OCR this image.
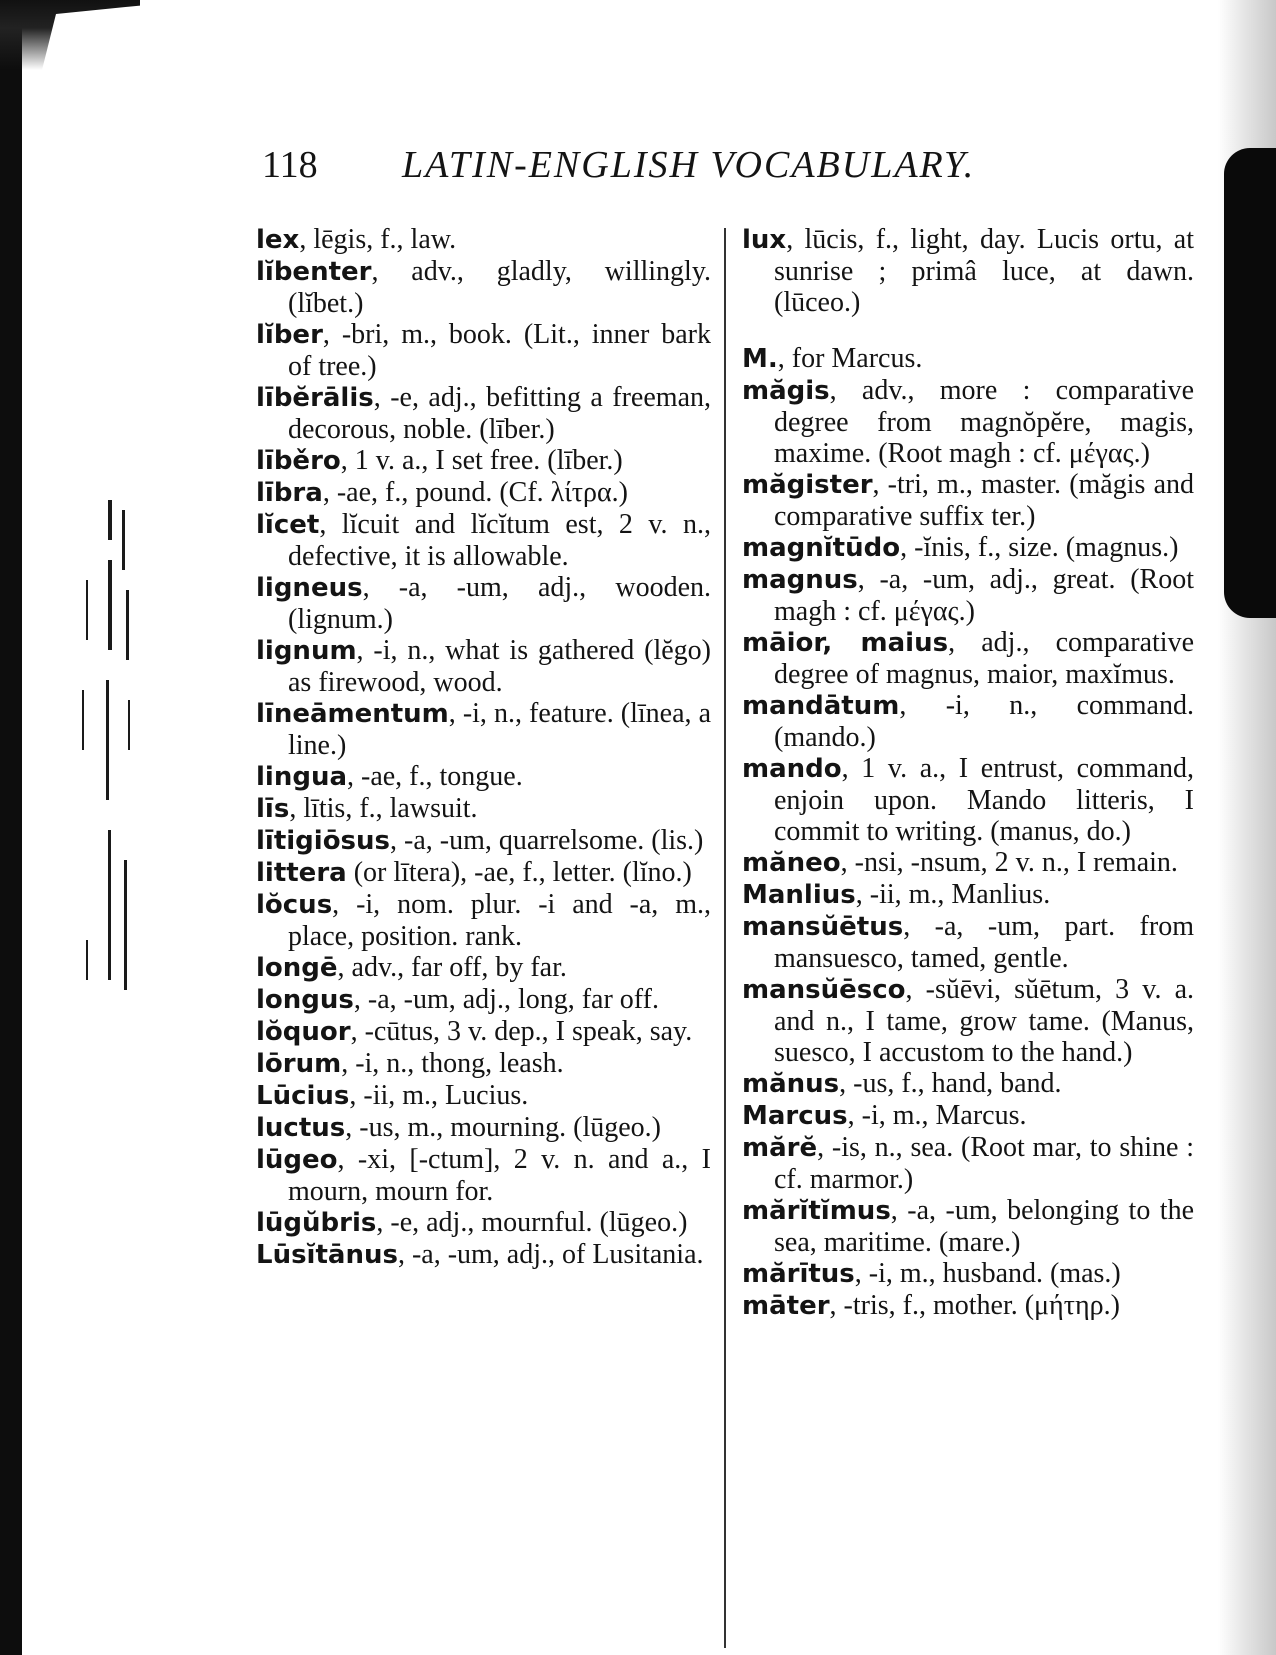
118 LATIN-ENGLISH VOCABULARY.

lex, lēgis, f., law.

lĭbenter, adv., gladly, willingly. (lĭbet.)

lĭber, -bri, m., book. (Lit., inner bark of tree.)

lībĕrālis, -e, adj., befitting a freeman, decorous, noble. (līber.)

līběro, 1 v. a., I set free. (līber.)

lībra, -ae, f., pound. (Cf. λίτρα.)

lĭcet, lĭcuit and lĭcĭtum est, 2 v. n., defective, it is allowable.

ligneus, -a, -um, adj., wooden. (lignum.)

lignum, -i, n., what is gathered (lĕgo) as firewood, wood.

līneāmentum, -i, n., feature. (līnea, a line.)

lingua, -ae, f., tongue.

līs, lītis, f., lawsuit.

lītigiōsus, -a, -um, quarrelsome. (lis.)

littera (or lītera), -ae, f., letter. (lĭno.)

lŏcus, -i, nom. plur. -i and -a, m., place, position. rank.

longē, adv., far off, by far.

longus, -a, -um, adj., long, far off.

lŏquor, -cūtus, 3 v. dep., I speak, say.

lōrum, -i, n., thong, leash.

Lūcius, -ii, m., Lucius.

luctus, -us, m., mourning. (lūgeo.)

lūgeo, -xi, [-ctum], 2 v. n. and a., I mourn, mourn for.

lūgŭbris, -e, adj., mournful. (lūgeo.)

Lūsĭtānus, -a, -um, adj., of Lusitania.

lux, lūcis, f., light, day. Lucis ortu, at sunrise ; primâ luce, at dawn. (lūceo.)

M., for Marcus.

măgis, adv., more : comparative degree from magnŏpĕre, magis, maxime. (Root magh : cf. μέγας.)

măgister, -tri, m., master. (măgis and comparative suffix ter.)

magnĭtūdo, -ĭnis, f., size. (magnus.)

magnus, -a, -um, adj., great. (Root magh : cf. μέγας.)

māior, maius, adj., comparative degree of magnus, maior, maxĭmus.

mandātum, -i, n., command. (mando.)

mando, 1 v. a., I entrust, command, enjoin upon. Mando litteris, I commit to writing. (manus, do.)

măneo, -nsi, -nsum, 2 v. n., I remain.

Manlius, -ii, m., Manlius.

mansŭētus, -a, -um, part. from mansuesco, tamed, gentle.

mansŭēsco, -sŭēvi, sŭētum, 3 v. a. and n., I tame, grow tame. (Manus, suesco, I accustom to the hand.)

mănus, -us, f., hand, band.

Marcus, -i, m., Marcus.

mărĕ, -is, n., sea. (Root mar, to shine : cf. marmor.)

mărĭtĭmus, -a, -um, belonging to the sea, maritime. (mare.)

mărītus, -i, m., husband. (mas.)

māter, -tris, f., mother. (μήτηρ.)
